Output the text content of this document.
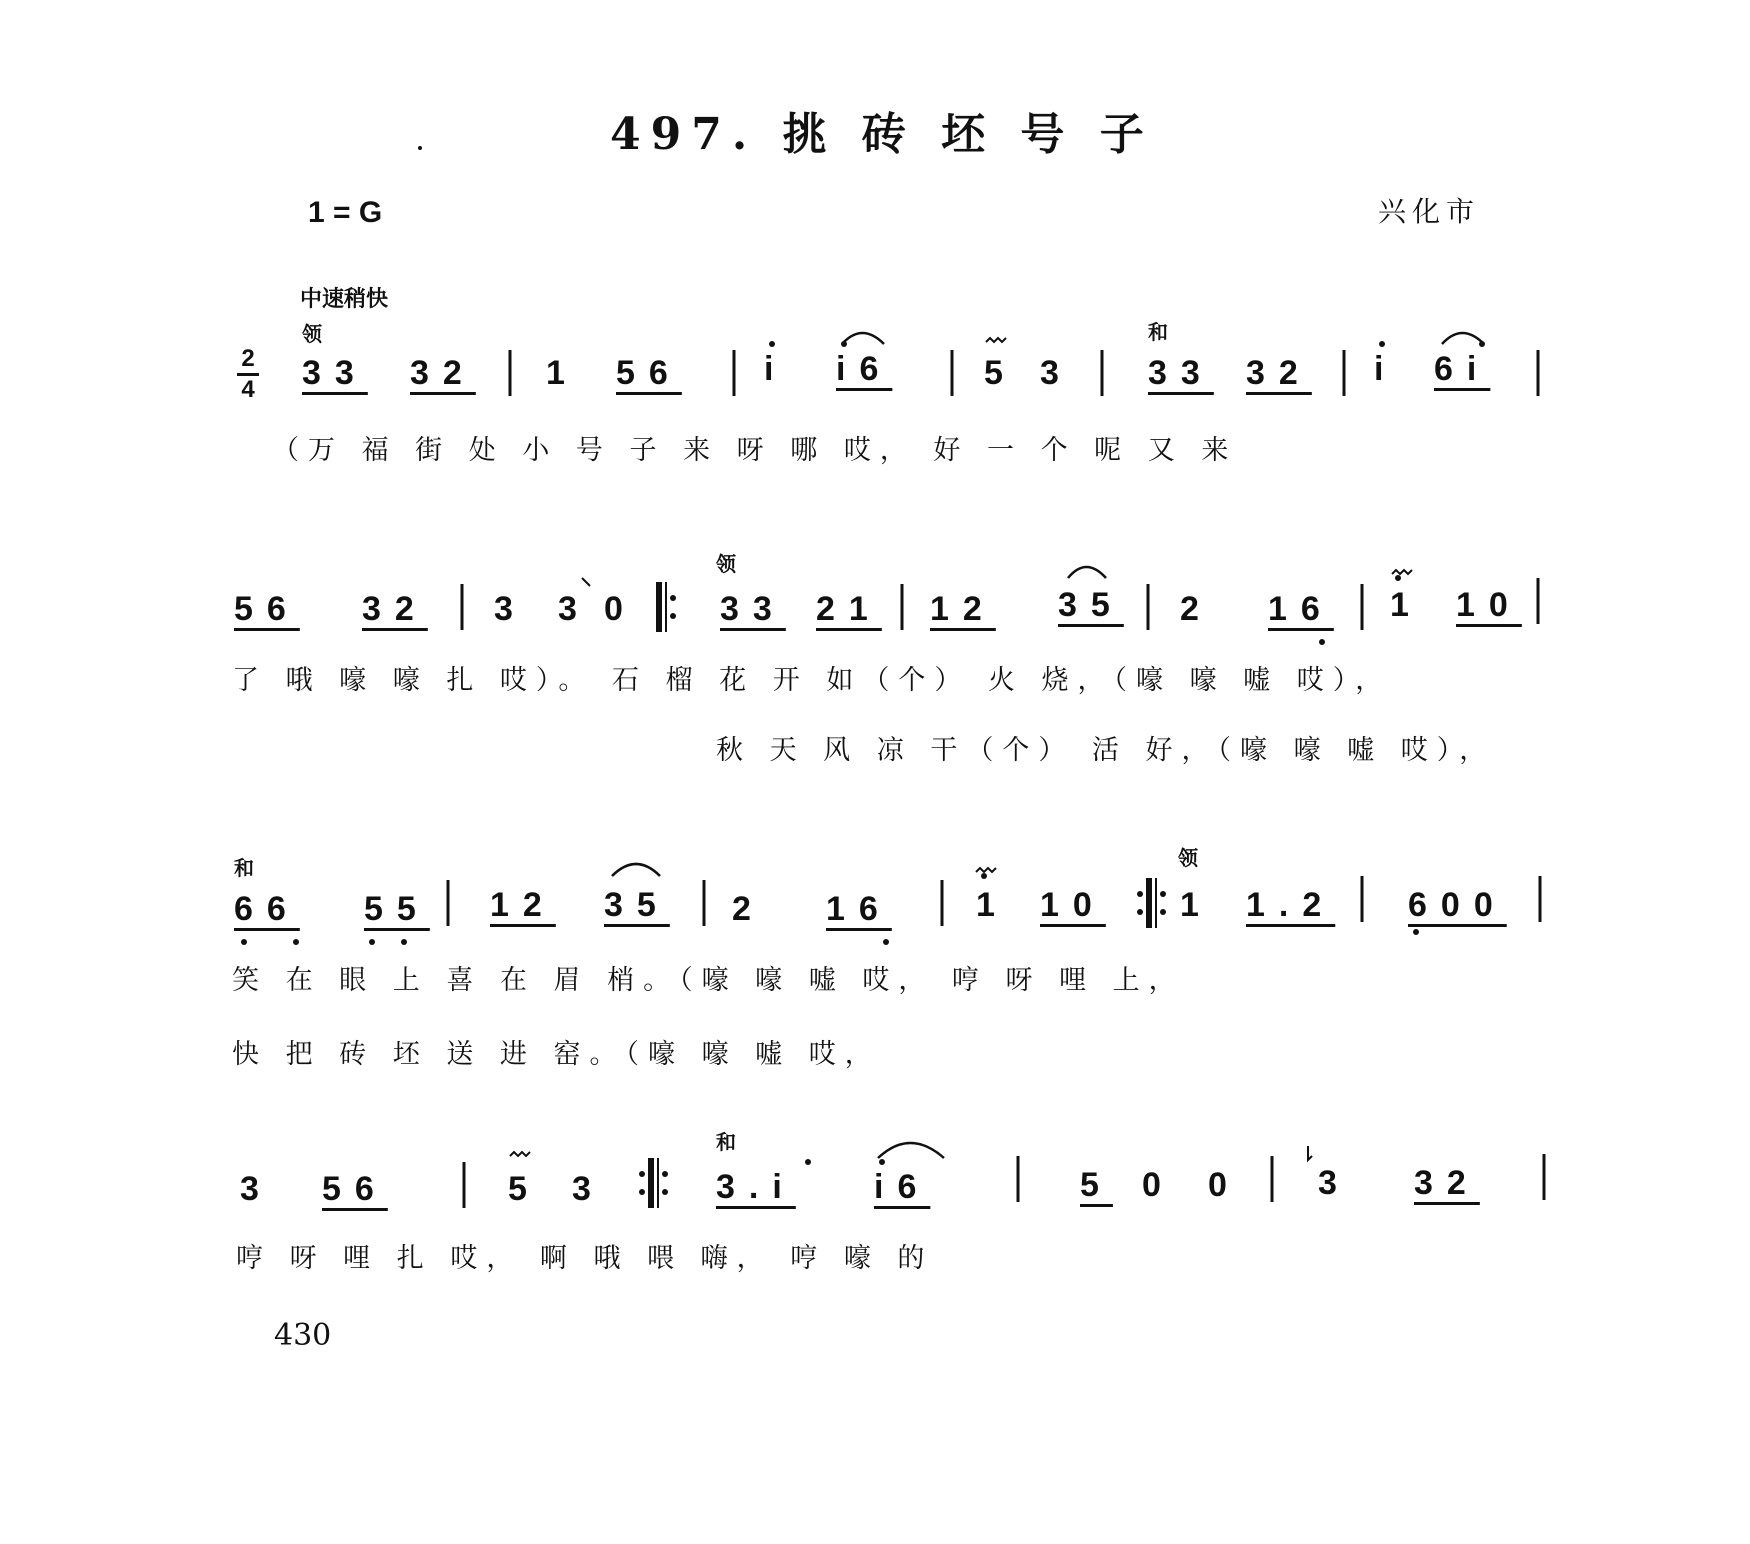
497. 挑 砖 坯 号 子
1 = G	兴化市
中速稍快
领	和
2
4 33 32 1 56 i i6	5 3 33 32 i 6i
（万 福 街 处 小 号 子 来 呀 哪 哎， 好 一 个 呢 又 来
领
56 32 3 3 0 33 21 12 35 2 16 1 10
了 哦 嚎 嚎 扎 哎）。 石 榴 花 开 如（个） 火 烧，（嚎 嚎 嘘 哎），
秋 天 风 凉 干（个） 活 好，（嚎 嚎 嘘 哎），
和	领
66 55 12 35 2 16 1 10 1 1.2 600
笑 在 眼 上 喜 在 眉 梢。（嚎 嚎 嘘 哎， 哼 呀 哩 上，
快 把 砖 坯 送 进 窑。（嚎 嚎 嘘 哎，
和
3 56	5 3	3.i i6	5 0 0 3 32
哼 呀 哩 扎 哎， 啊 哦 喂 嗨， 哼 嚎 的
430
